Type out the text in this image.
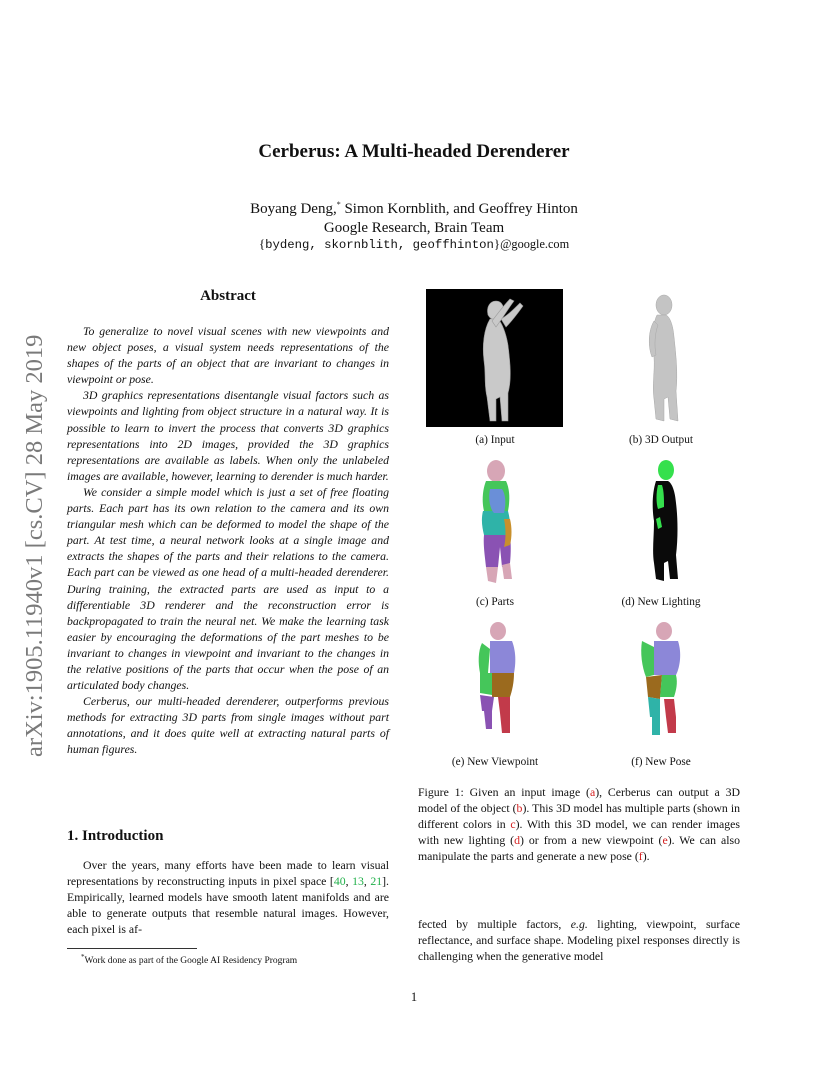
arXiv:1905.11940v1 [cs.CV] 28 May 2019
Cerberus: A Multi-headed Derenderer
Boyang Deng,* Simon Kornblith, and Geoffrey Hinton
Google Research, Brain Team
{bydeng, skornblith, geoffhinton}@google.com
Abstract

To generalize to novel visual scenes with new viewpoints and new object poses, a visual system needs representations of the shapes of the parts of an object that are invariant to changes in viewpoint or pose.

3D graphics representations disentangle visual factors such as viewpoints and lighting from object structure in a natural way. It is possible to learn to invert the process that converts 3D graphics representations into 2D images, provided the 3D graphics representations are available as labels. When only the unlabeled images are available, however, learning to derender is much harder.

We consider a simple model which is just a set of free floating parts. Each part has its own relation to the camera and its own triangular mesh which can be deformed to model the shape of the part. At test time, a neural network looks at a single image and extracts the shapes of the parts and their relations to the camera. Each part can be viewed as one head of a multi-headed derenderer. During training, the extracted parts are used as input to a differentiable 3D renderer and the reconstruction error is backpropagated to train the neural net. We make the learning task easier by encouraging the deformations of the part meshes to be invariant to changes in viewpoint and invariant to the changes in the relative positions of the parts that occur when the pose of an articulated body changes.

Cerberus, our multi-headed derenderer, outperforms previous methods for extracting 3D parts from single images without part annotations, and it does quite well at extracting natural parts of human figures.

1. Introduction

Over the years, many efforts have been made to learn visual representations by reconstructing inputs in pixel space [40, 13, 21]. Empirically, learned models have smooth latent manifolds and are able to generate outputs that resemble natural images. However, each pixel is af-

*Work done as part of the Google AI Residency Program
1
(a) Input	(b) 3D Output
(c) Parts	(d) New Lighting
(e) New Viewpoint	(f) New Pose
Figure 1: Given an input image (a), Cerberus can output a 3D model of the object (b). This 3D model has multiple parts (shown in different colors in c). With this 3D model, we can render images with new lighting (d) or from a new viewpoint (e). We can also manipulate the parts and generate a new pose (f).
fected by multiple factors, e.g. lighting, viewpoint, surface reflectance, and surface shape. Modeling pixel responses directly is challenging when the generative model
